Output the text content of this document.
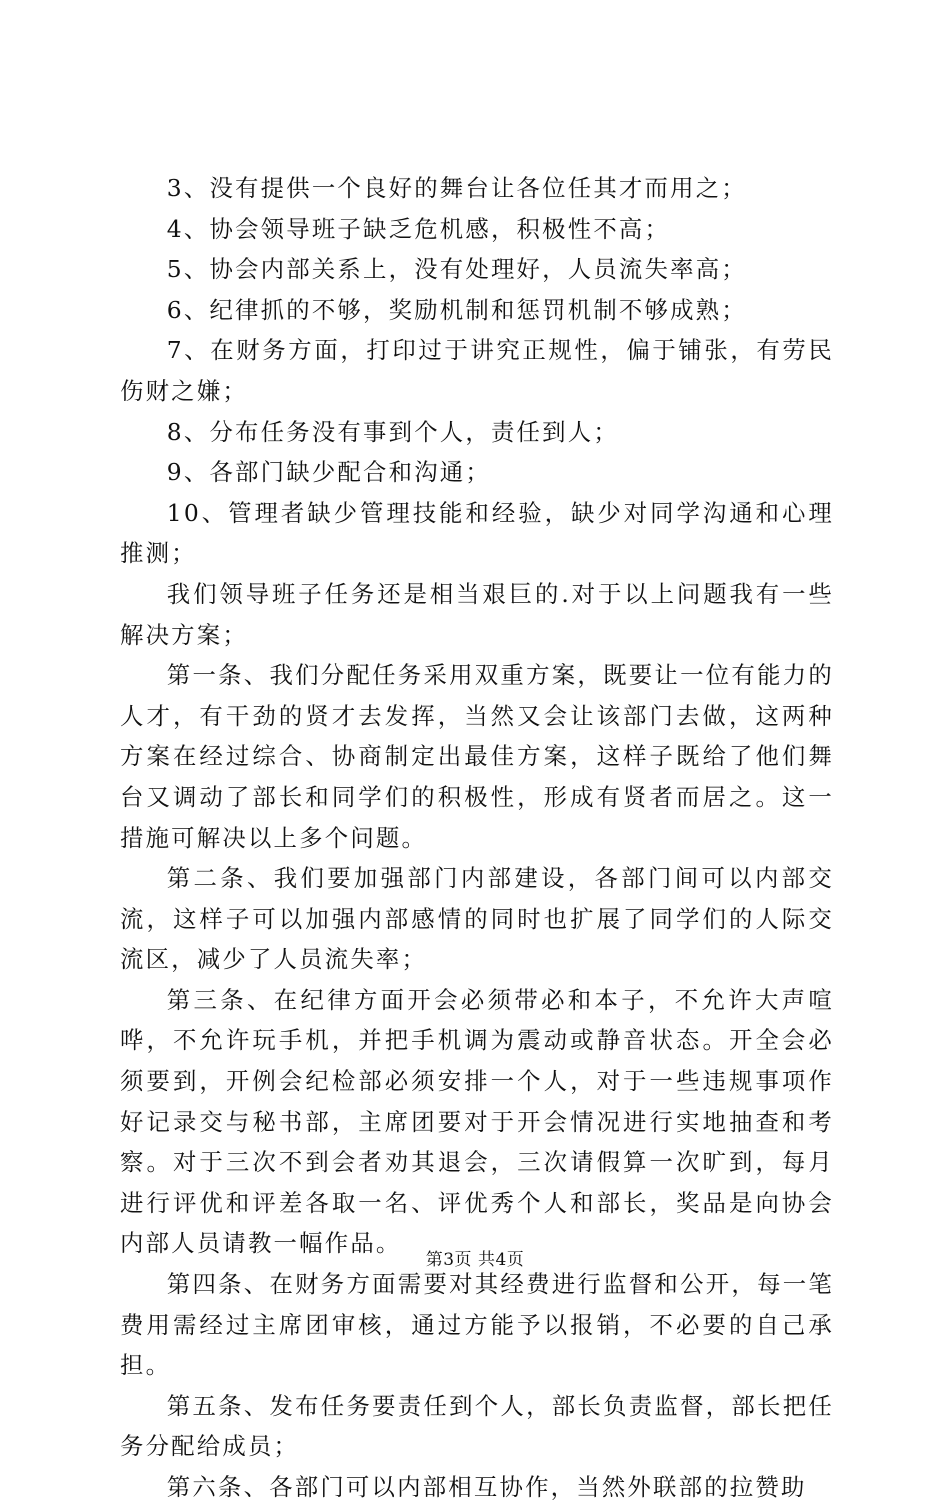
3、没有提供一个良好的舞台让各位任其才而用之；

4、协会领导班子缺乏危机感，积极性不高；

5、协会内部关系上，没有处理好，人员流失率高；

6、纪律抓的不够，奖励机制和惩罚机制不够成熟；

7、在财务方面，打印过于讲究正规性，偏于铺张，有劳民伤财之嫌；

8、分布任务没有事到个人，责任到人；

9、各部门缺少配合和沟通；

10、管理者缺少管理技能和经验，缺少对同学沟通和心理推测；

我们领导班子任务还是相当艰巨的.对于以上问题我有一些解决方案；

第一条、我们分配任务采用双重方案，既要让一位有能力的人才，有干劲的贤才去发挥，当然又会让该部门去做，这两种方案在经过综合、协商制定出最佳方案，这样子既给了他们舞台又调动了部长和同学们的积极性，形成有贤者而居之。这一措施可解决以上多个问题。

第二条、我们要加强部门内部建设，各部门间可以内部交流，这样子可以加强内部感情的同时也扩展了同学们的人际交流区，减少了人员流失率；

第三条、在纪律方面开会必须带必和本子，不允许大声喧哗，不允许玩手机，并把手机调为震动或静音状态。开全会必须要到，开例会纪检部必须安排一个人，对于一些违规事项作好记录交与秘书部，主席团要对于开会情况进行实地抽查和考察。对于三次不到会者劝其退会，三次请假算一次旷到，每月进行评优和评差各取一名、评优秀个人和部长，奖品是向协会内部人员请教一幅作品。

第四条、在财务方面需要对其经费进行监督和公开，每一笔费用需经过主席团审核，通过方能予以报销，不必要的自己承担。

第五条、发布任务要责任到个人，部长负责监督，部长把任务分配给成员；

第六条、各部门可以内部相互协作，当然外联部的拉赞助

第3页 共4页
